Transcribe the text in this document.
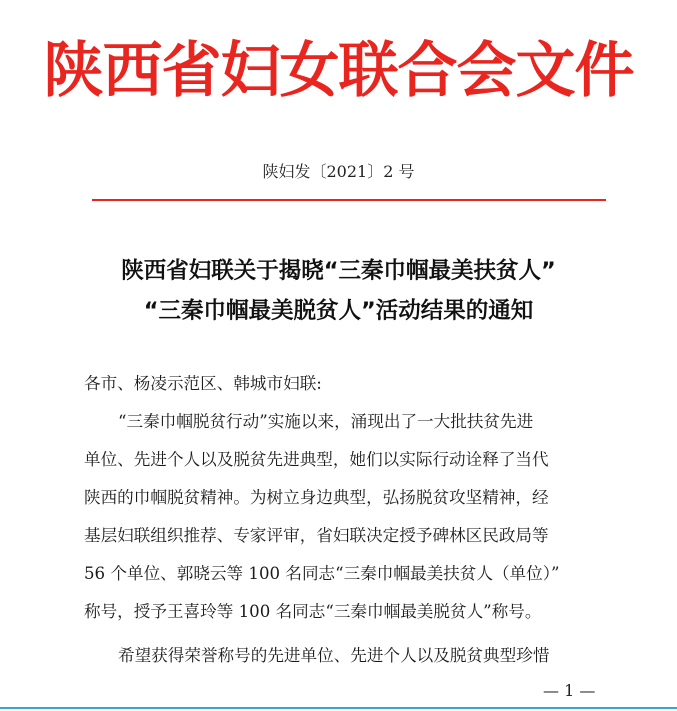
陕西省妇女联合会文件
陕妇发〔2021〕2 号
陕西省妇联关于揭晓“三秦巾帼最美扶贫人”
“三秦巾帼最美脱贫人”活动结果的通知
各市、杨凌示范区、韩城市妇联:
“三秦巾帼脱贫行动”实施以来，涌现出了一大批扶贫先进
单位、先进个人以及脱贫先进典型，她们以实际行动诠释了当代
陕西的巾帼脱贫精神。为树立身边典型，弘扬脱贫攻坚精神，经
基层妇联组织推荐、专家评审，省妇联决定授予碑林区民政局等
56 个单位、郭晓云等 100 名同志“三秦巾帼最美扶贫人（单位）”
称号，授予王喜玲等 100 名同志“三秦巾帼最美脱贫人”称号。
希望获得荣誉称号的先进单位、先进个人以及脱贫典型珍惜
— 1 —
